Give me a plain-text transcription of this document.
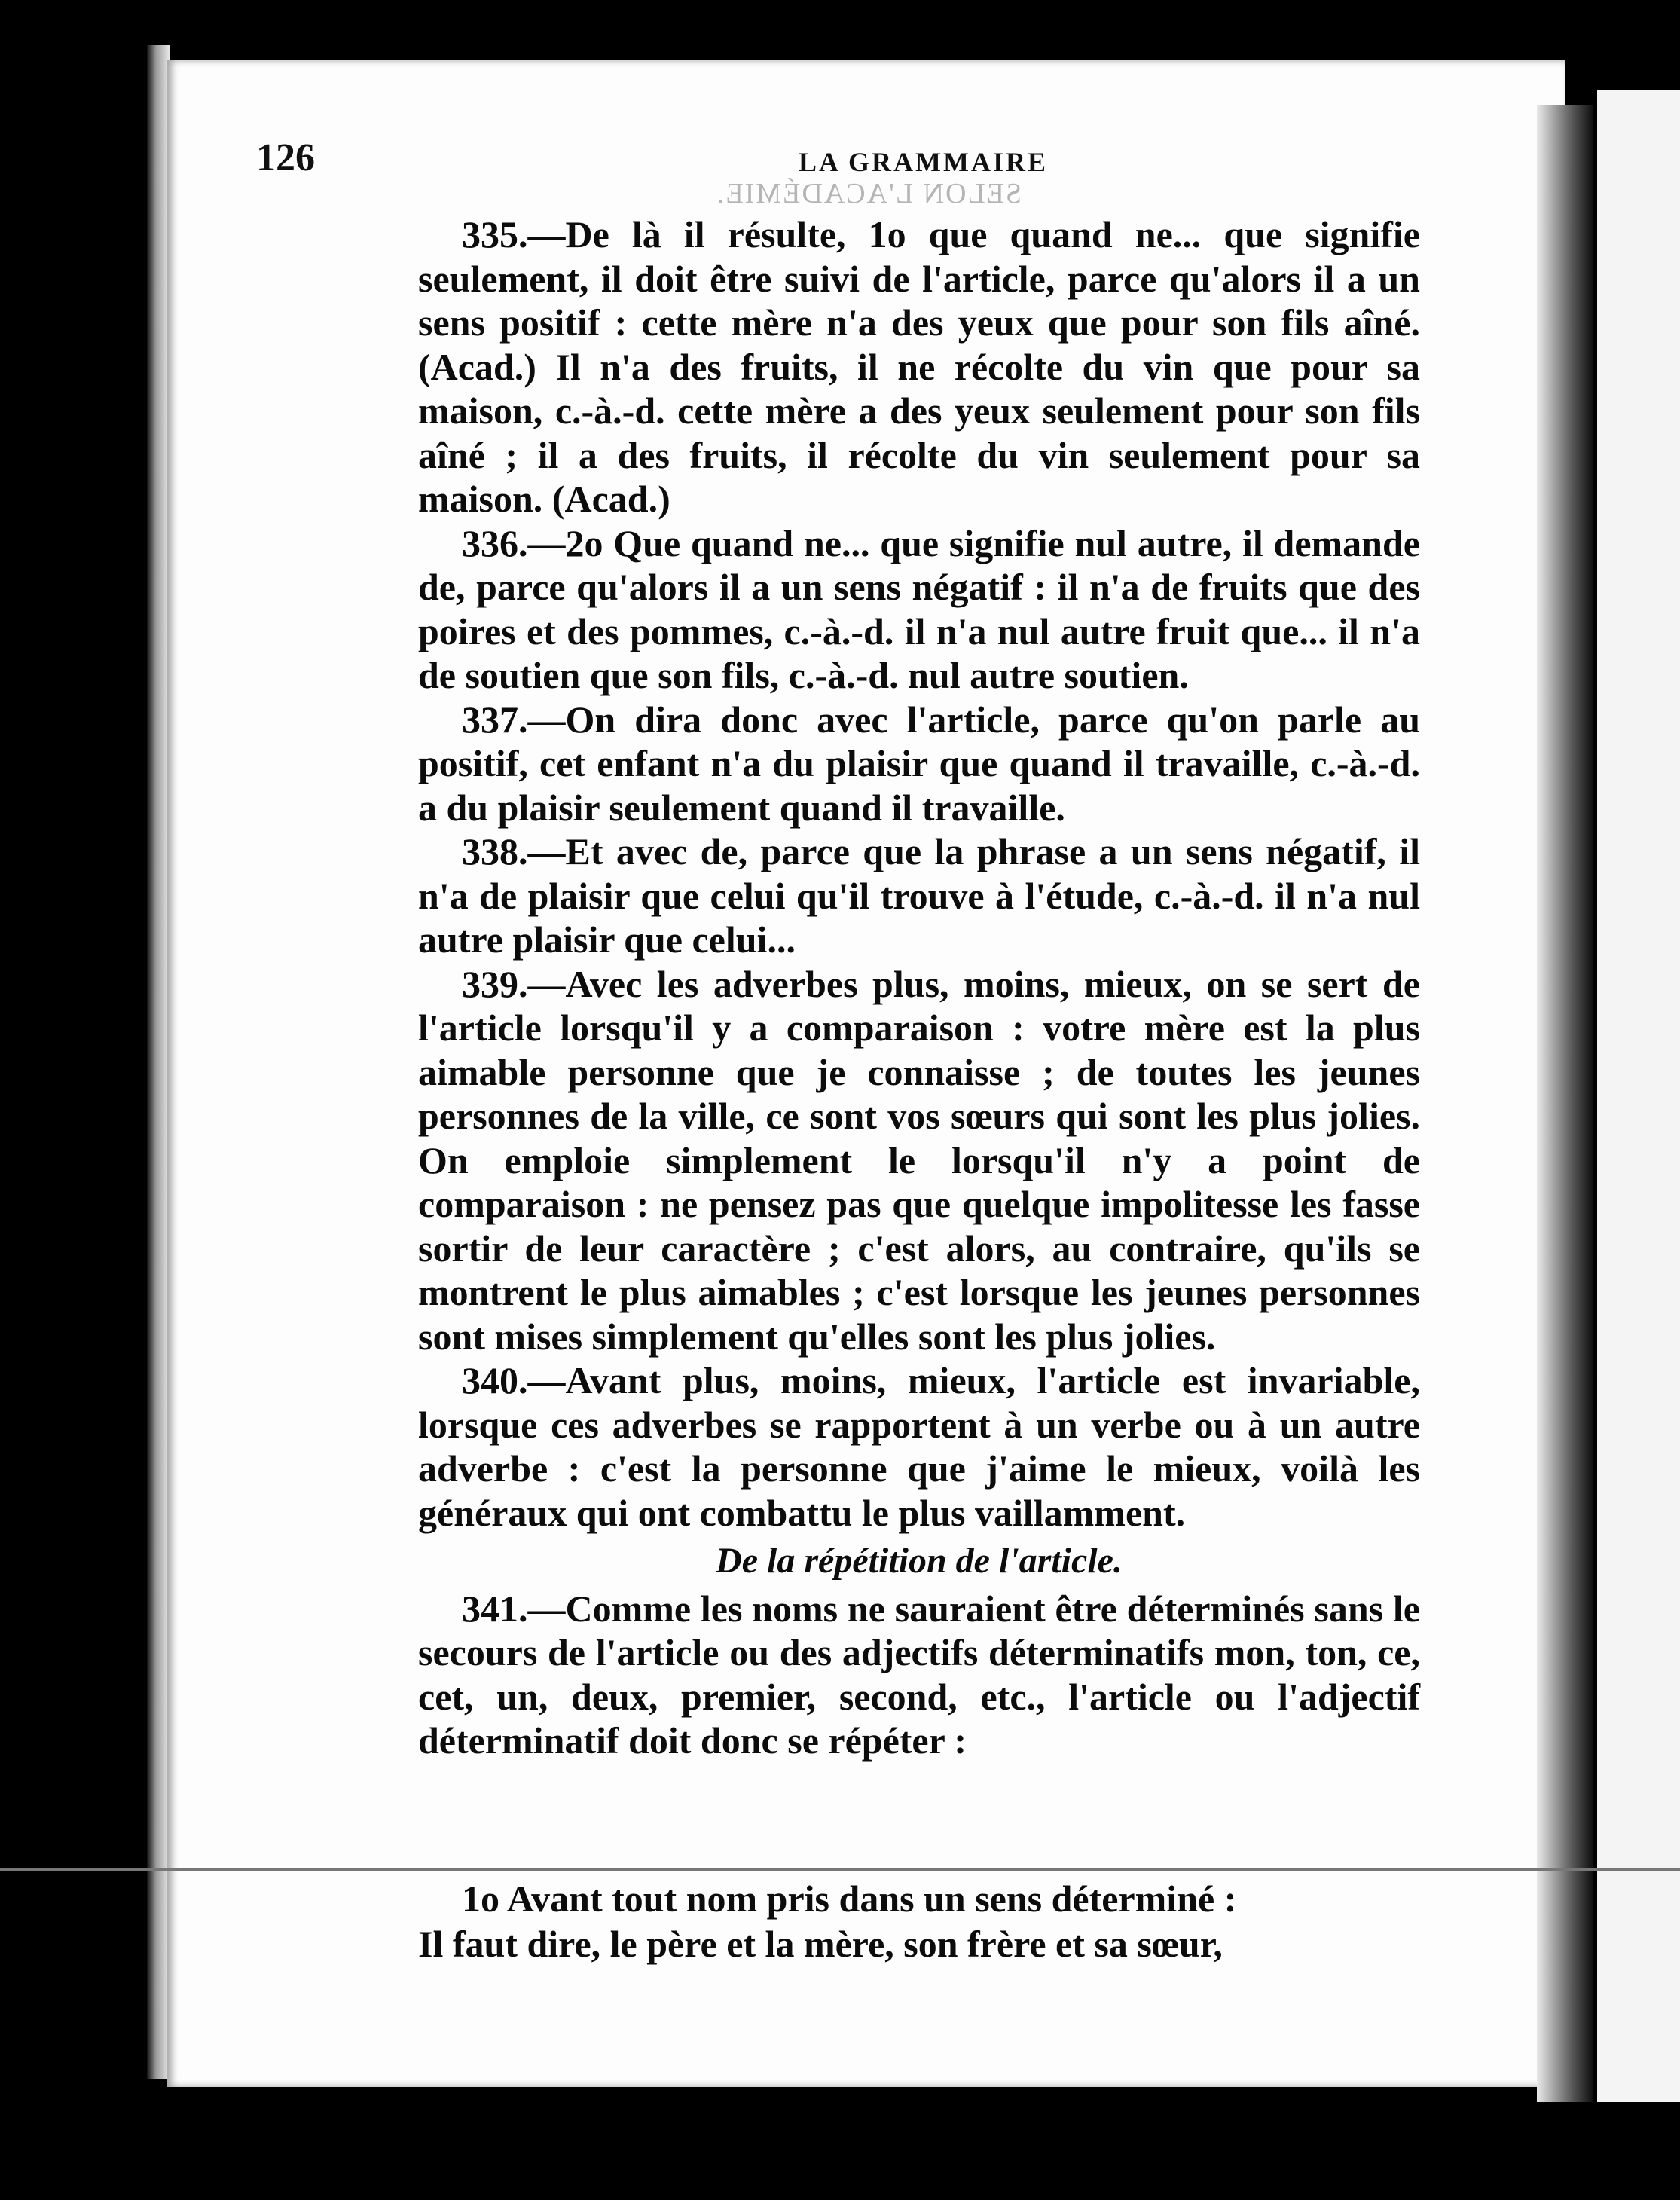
SELON L'ACADÉMIE.
126	LA GRAMMAIRE

335.—De là il résulte, 1o que quand ne... que signifie seulement, il doit être suivi de l'article, parce qu'alors il a un sens positif : cette mère n'a des yeux que pour son fils aîné. (Acad.) Il n'a des fruits, il ne récolte du vin que pour sa maison, c.-à.-d. cette mère a des yeux seulement pour son fils aîné ; il a des fruits, il récolte du vin seulement pour sa maison. (Acad.)

336.—2o Que quand ne... que signifie nul autre, il demande de, parce qu'alors il a un sens négatif : il n'a de fruits que des poires et des pommes, c.-à.-d. il n'a nul autre fruit que... il n'a de soutien que son fils, c.-à.-d. nul autre soutien.

337.—On dira donc avec l'article, parce qu'on parle au positif, cet enfant n'a du plaisir que quand il travaille, c.-à.-d. a du plaisir seulement quand il travaille.

338.—Et avec de, parce que la phrase a un sens négatif, il n'a de plaisir que celui qu'il trouve à l'étude, c.-à.-d. il n'a nul autre plaisir que celui...

339.—Avec les adverbes plus, moins, mieux, on se sert de l'article lorsqu'il y a comparaison : votre mère est la plus aimable personne que je connaisse ; de toutes les jeunes personnes de la ville, ce sont vos sœurs qui sont les plus jolies. On emploie simplement le lorsqu'il n'y a point de comparaison : ne pensez pas que quelque impolitesse les fasse sortir de leur caractère ; c'est alors, au contraire, qu'ils se montrent le plus aimables ; c'est lorsque les jeunes personnes sont mises simplement qu'elles sont les plus jolies.

340.—Avant plus, moins, mieux, l'article est invariable, lorsque ces adverbes se rapportent à un verbe ou à un autre adverbe : c'est la personne que j'aime le mieux, voilà les généraux qui ont combattu le plus vaillamment.

De la répétition de l'article.

341.—Comme les noms ne sauraient être déterminés sans le secours de l'article ou des adjectifs déterminatifs mon, ton, ce, cet, un, deux, premier, second, etc., l'article ou l'adjectif déterminatif doit donc se répéter :

1o Avant tout nom pris dans un sens déterminé :
Il faut dire, le père et la mère, son frère et sa sœur,
